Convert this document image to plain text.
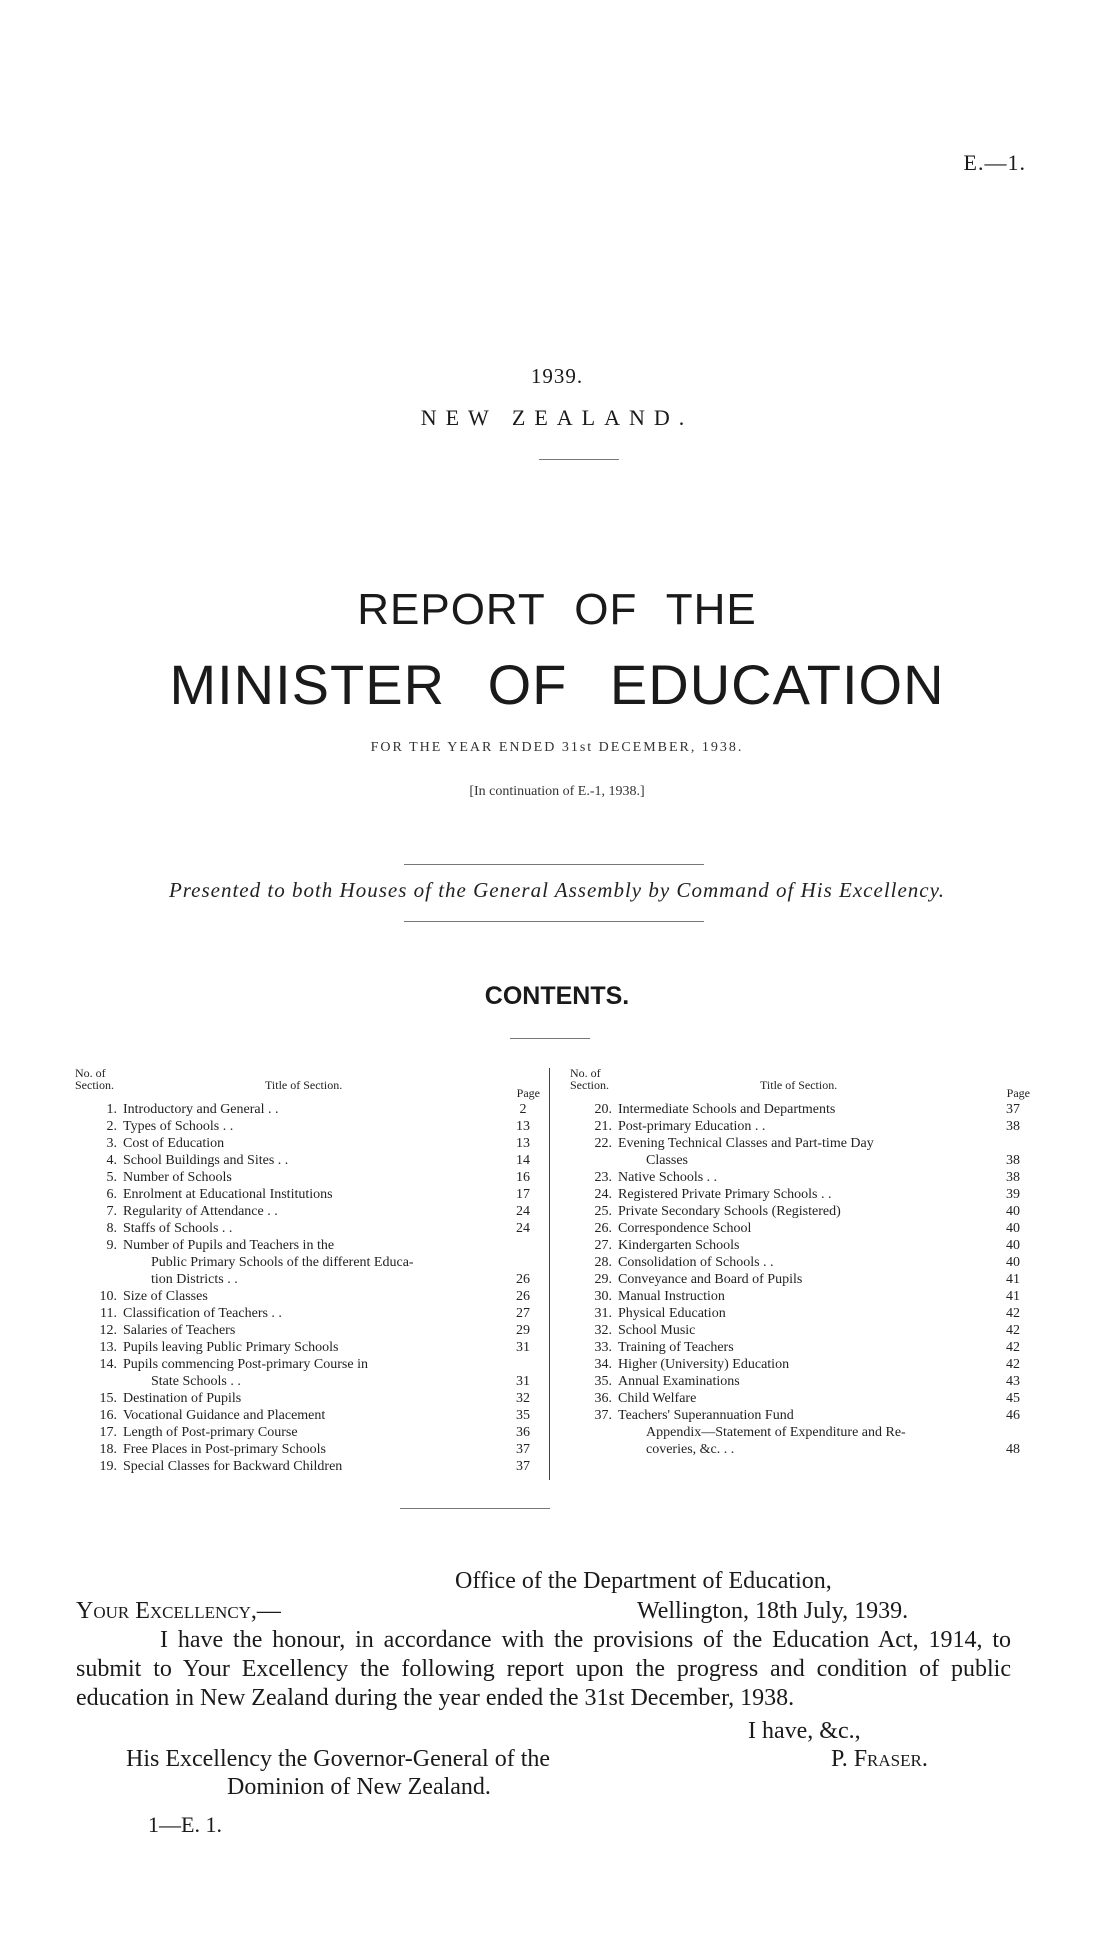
E.—1.
1939.
NEW ZEALAND.
REPORT OF THE
MINISTER OF EDUCATION
FOR THE YEAR ENDED 31st DECEMBER, 1938.
[In continuation of E.-1, 1938.]
Presented to both Houses of the General Assembly by Command of His Excellency.
CONTENTS.
No. of Section.	Title of Section.
Page
1. Introductory and General . .	2
2. Types of Schools . .	13
3. Cost of Education	13
4. School Buildings and Sites . .	14
5. Number of Schools	16
6. Enrolment at Educational Institutions	17
7. Regularity of Attendance . .	24
8. Staffs of Schools . .	24
9. Number of Pupils and Teachers in the
Public Primary Schools of the different Educa-
tion Districts . .	26
10. Size of Classes	26
11. Classification of Teachers . .	27
12. Salaries of Teachers	29
13. Pupils leaving Public Primary Schools	31
14. Pupils commencing Post-primary Course in
State Schools . .	31
15. Destination of Pupils	32
16. Vocational Guidance and Placement	35
17. Length of Post-primary Course	36
18. Free Places in Post-primary Schools	37
19. Special Classes for Backward Children	37
No. of Section.	Title of Section.
Page
20. Intermediate Schools and Departments	37
21. Post-primary Education . .	38
22. Evening Technical Classes and Part-time Day
Classes	38
23. Native Schools . .	38
24. Registered Private Primary Schools . .	39
25. Private Secondary Schools (Registered)	40
26. Correspondence School	40
27. Kindergarten Schools	40
28. Consolidation of Schools . .	40
29. Conveyance and Board of Pupils	41
30. Manual Instruction	41
31. Physical Education	42
32. School Music	42
33. Training of Teachers	42
34. Higher (University) Education	42
35. Annual Examinations	43
36. Child Welfare	45
37. Teachers' Superannuation Fund	46
Appendix—Statement of Expenditure and Re-
coveries, &c. . .	48
Office of the Department of Education,
Your Excellency,—	Wellington, 18th July, 1939.
I have the honour, in accordance with the provisions of the Education Act, 1914, to submit to Your Excellency the following report upon the progress and condition of public education in New Zealand during the year ended the 31st December, 1938.
I have, &c.,
P. Fraser.
His Excellency the Governor-General of the
Dominion of New Zealand.
1—E. 1.
